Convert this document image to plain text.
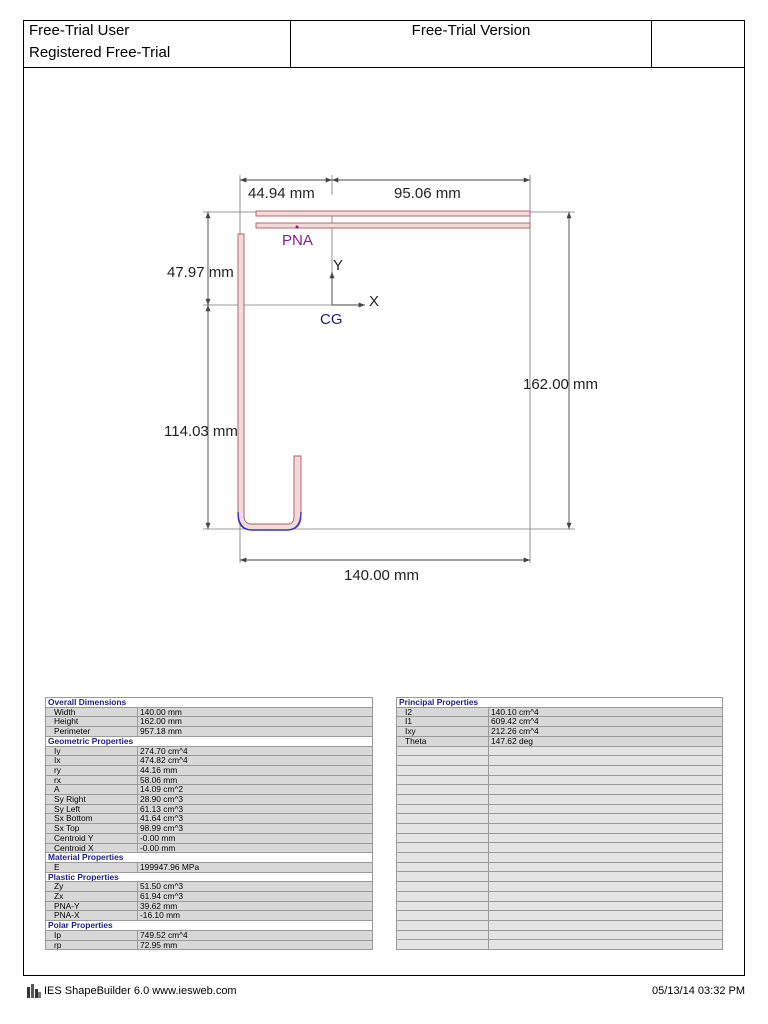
Free-Trial User
Registered Free-Trial
Free-Trial Version
44.94 mm	95.06 mm
47.97 mm
114.03 mm
162.00 mm
140.00 mm
PNA
CG
X
Y
Overall Dimensions	
Width	140.00 mm
Height	162.00 mm
Perimeter	957.18 mm
Geometric Properties	
Iy	274.70 cm^4
Ix	474.82 cm^4
ry	44.16 mm
rx	58.06 mm
A	14.09 cm^2
Sy Right	28.90 cm^3
Sy Left	61.13 cm^3
Sx Bottom	41.64 cm^3
Sx Top	98.99 cm^3
Centroid Y	-0.00 mm
Centroid X	-0.00 mm
Material Properties	
E	199947.96 MPa
Plastic Properties	
Zy	51.50 cm^3
Zx	61.94 cm^3
PNA-Y	39.62 mm
PNA-X	-16.10 mm
Polar Properties	
Ip	749.52 cm^4
rp	72.95 mm
Principal Properties	
I2	140.10 cm^4
I1	609.42 cm^4
Ixy	212.26 cm^4
Theta	147.62 deg

IES ShapeBuilder 6.0 www.iesweb.com	05/13/14 03:32 PM
